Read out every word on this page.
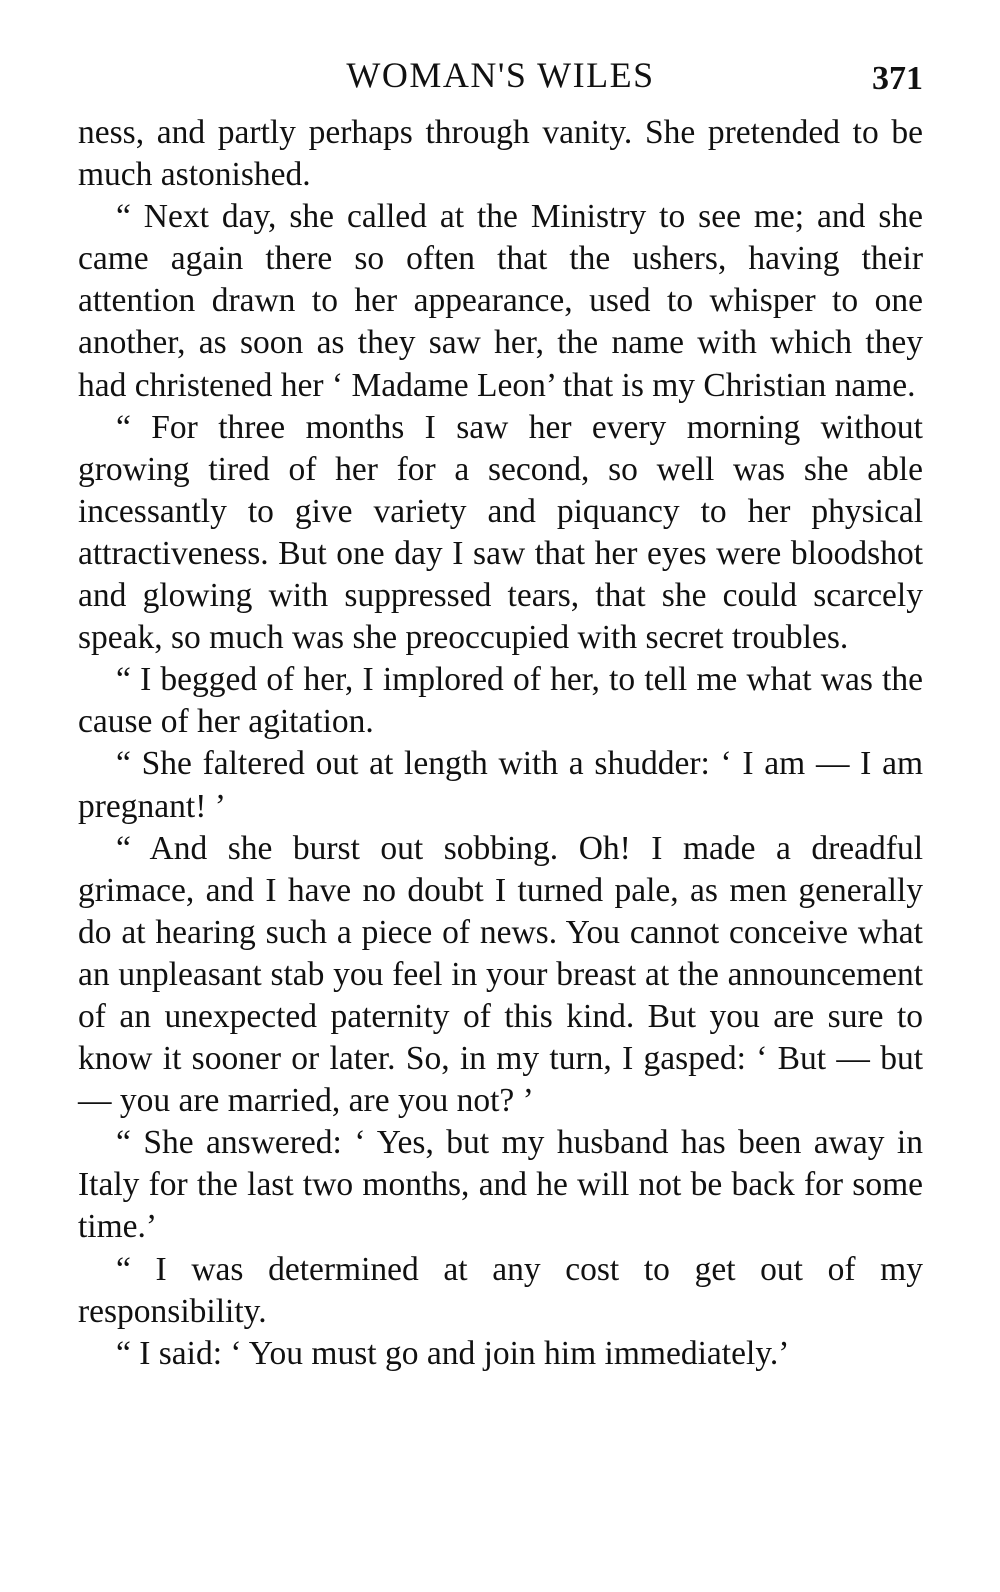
WOMAN'S WILES	371

ness, and partly perhaps through vanity. She pretended to be much astonished.

“ Next day, she called at the Ministry to see me; and she came again there so often that the ushers, having their attention drawn to her appearance, used to whisper to one another, as soon as they saw her, the name with which they had christened her ‘ Madame Leon’ that is my Christian name.

“ For three months I saw her every morning without growing tired of her for a second, so well was she able incessantly to give variety and piquancy to her physical attractiveness. But one day I saw that her eyes were bloodshot and glowing with suppressed tears, that she could scarcely speak, so much was she preoccupied with secret troubles.

“ I begged of her, I implored of her, to tell me what was the cause of her agitation.

“ She faltered out at length with a shudder: ‘ I am — I am pregnant! ’

“ And she burst out sobbing. Oh! I made a dreadful grimace, and I have no doubt I turned pale, as men generally do at hearing such a piece of news. You cannot conceive what an unpleasant stab you feel in your breast at the announcement of an unexpected paternity of this kind. But you are sure to know it sooner or later. So, in my turn, I gasped: ‘ But — but — you are married, are you not? ’

“ She answered: ‘ Yes, but my husband has been away in Italy for the last two months, and he will not be back for some time.’

“ I was determined at any cost to get out of my responsibility.

“ I said: ‘ You must go and join him immediately.’
